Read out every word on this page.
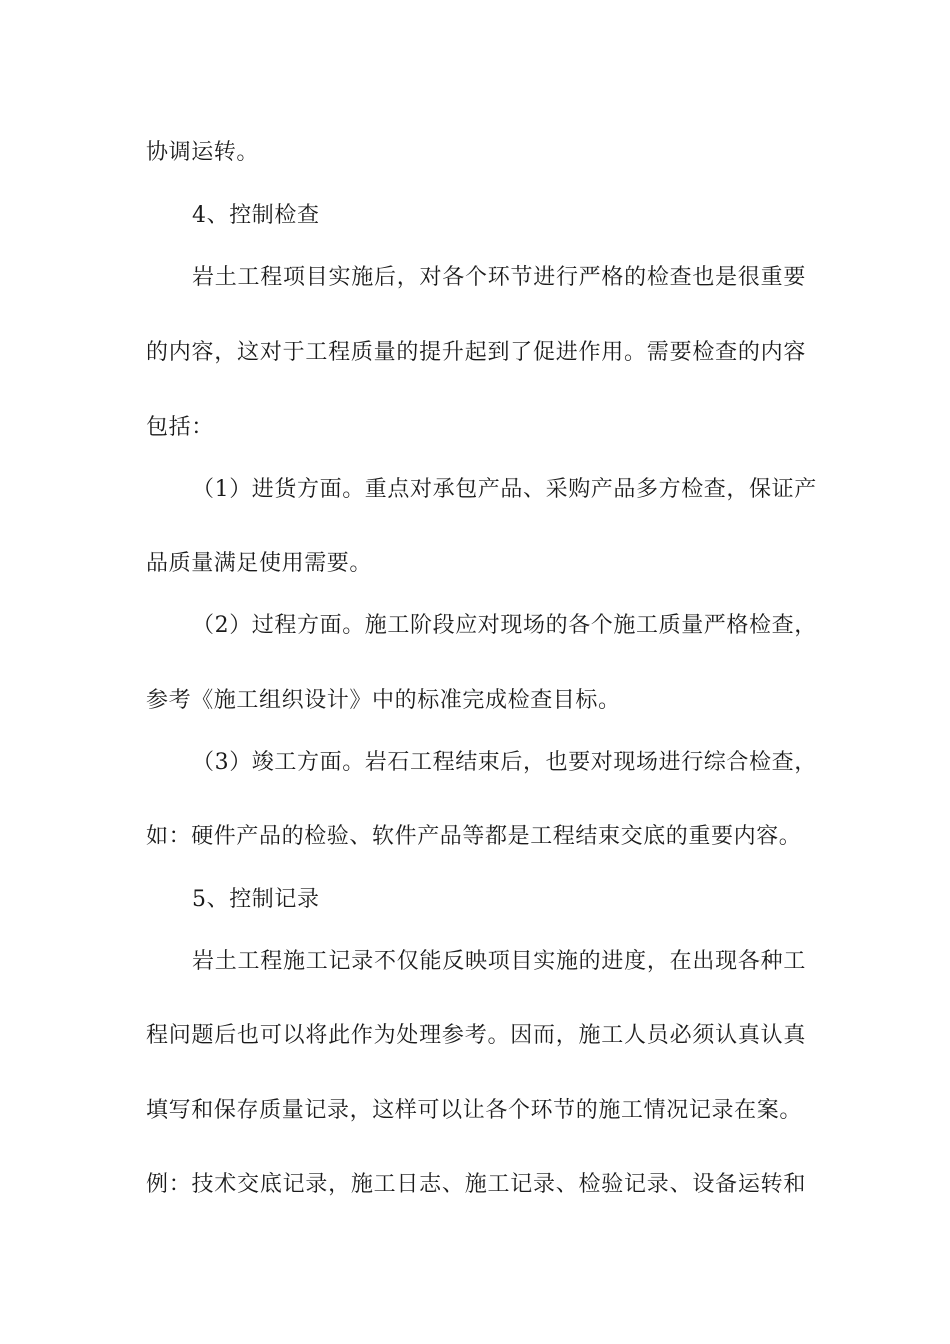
协调运转。
4、控制检查
岩土工程项目实施后，对各个环节进行严格的检查也是很重要
的内容，这对于工程质量的提升起到了促进作用。需要检查的内容
包括：
（1）进货方面。重点对承包产品、采购产品多方检查，保证产
品质量满足使用需要。
（2）过程方面。施工阶段应对现场的各个施工质量严格检查，
参考《施工组织设计》中的标准完成检查目标。
（3）竣工方面。岩石工程结束后，也要对现场进行综合检查，
如：硬件产品的检验、软件产品等都是工程结束交底的重要内容。
5、控制记录
岩土工程施工记录不仅能反映项目实施的进度，在出现各种工
程问题后也可以将此作为处理参考。因而，施工人员必须认真认真
填写和保存质量记录，这样可以让各个环节的施工情况记录在案。
例：技术交底记录，施工日志、施工记录、检验记录、设备运转和
